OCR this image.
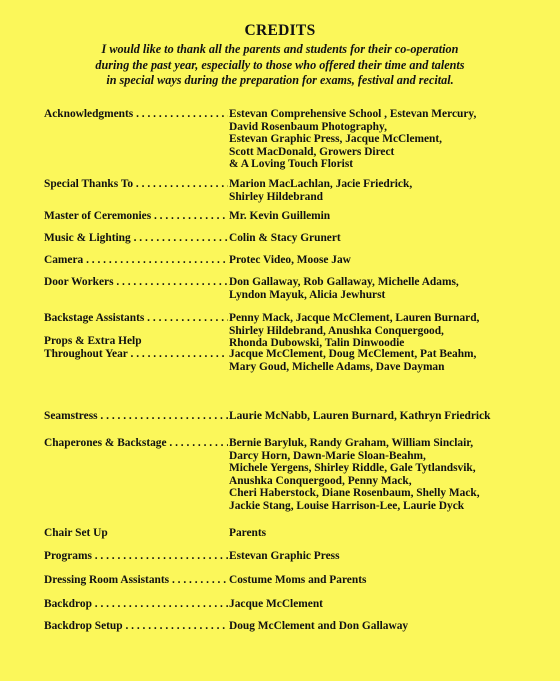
CREDITS
I would like to thank all the parents and students for their co-operation
during the past year, especially to those who offered their time and talents
in special ways during the preparation for exams, festival and recital.
Acknowledgments . . .	Estevan Comprehensive School , Estevan Mercury,
David Rosenbaum Photography,
Estevan Graphic Press, Jacque McClement,
Scott MacDonald, Growers Direct
& A Loving Touch Florist
Special Thanks To . . .	Marion MacLachlan, Jacie Friedrick,
Shirley Hildebrand
Master of Ceremonies . . .	Mr. Kevin Guillemin
Music & Lighting . . .	Colin & Stacy Grunert
Camera . . .	Protec Video, Moose Jaw
Door Workers . . .	Don Gallaway, Rob Gallaway, Michelle Adams,
Lyndon Mayuk, Alicia Jewhurst
Backstage Assistants . . .	Penny Mack, Jacque McClement, Lauren Burnard,
Shirley Hildebrand, Anushka Conquergood,
Rhonda Dubowski, Talin Dinwoodie
Props & Extra Help
Throughout Year . . .	Jacque McClement, Doug McClement, Pat Beahm,
Mary Goud, Michelle Adams, Dave Dayman
Seamstress . . .	Laurie McNabb, Lauren Burnard, Kathryn Friedrick
Chaperones & Backstage . . .	Bernie Baryluk, Randy Graham, William Sinclair,
Darcy Horn, Dawn-Marie Sloan-Beahm,
Michele Yergens, Shirley Riddle, Gale Tytlandsvik,
Anushka Conquergood, Penny Mack,
Cheri Haberstock, Diane Rosenbaum, Shelly Mack,
Jackie Stang, Louise Harrison-Lee, Laurie Dyck
Chair Set Up	Parents
Programs . . .	Estevan Graphic Press
Dressing Room Assistants . . .	Costume Moms and Parents
Backdrop . . .	Jacque McClement
Backdrop Setup . . .	Doug McClement and Don Gallaway
